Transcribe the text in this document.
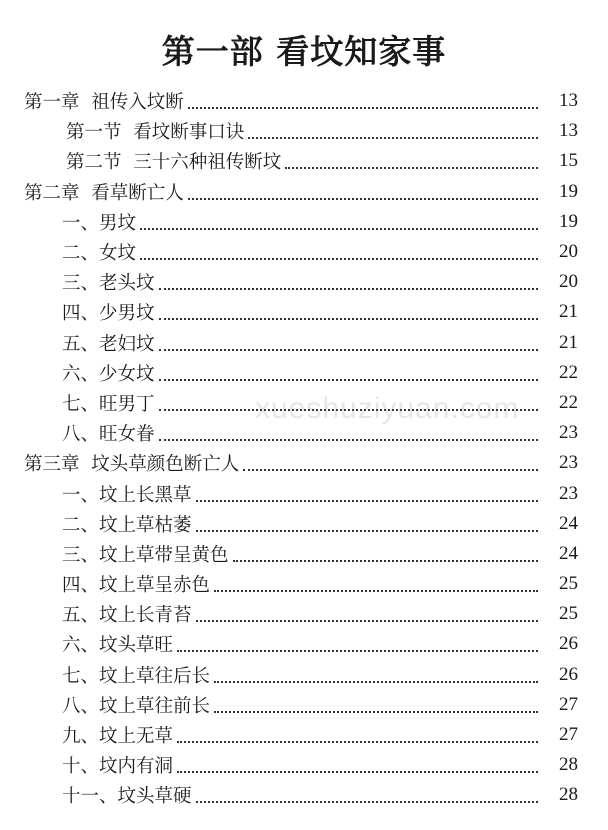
第一部 看坟知家事
第一章  祖传入坟断	13
第一节  看坟断事口诀	13
第二节  三十六种祖传断坟	15
第二章  看草断亡人	19
一、男坟	19
二、女坟	20
三、老头坟	20
四、少男坟	21
五、老妇坟	21
六、少女坟	22
七、旺男丁	22
八、旺女眷	23
第三章  坟头草颜色断亡人	23
一、坟上长黑草	23
二、坟上草枯萎	24
三、坟上草带呈黄色	24
四、坟上草呈赤色	25
五、坟上长青苔	25
六、坟头草旺	26
七、坟上草往后长	26
八、坟上草往前长	27
九、坟上无草	27
十、坟内有洞	28
十一、坟头草硬	28
xueshuziyuan.com
